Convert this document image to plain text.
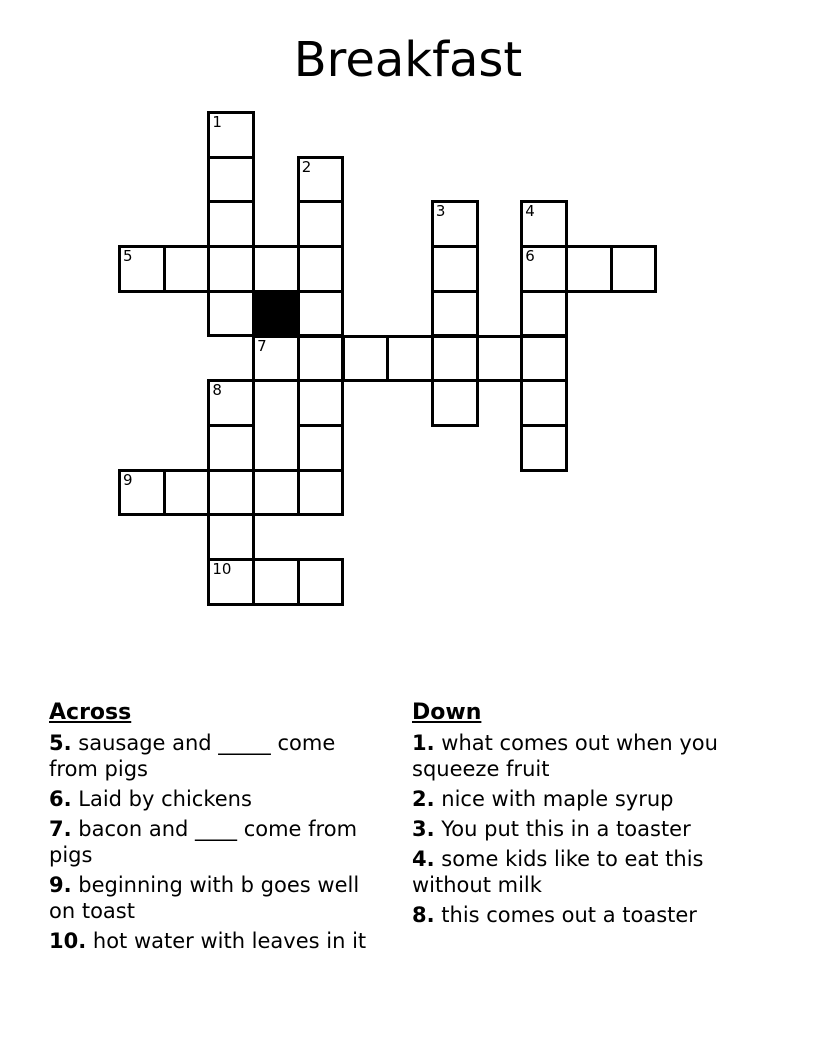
Breakfast
1
2
3	4
5	6
7
8
9
10
Across

5. sausage and _____ come from pigs

6. Laid by chickens

7. bacon and ____ come from pigs

9. beginning with b goes well on toast

10. hot water with leaves in it

Down

1. what comes out when you squeeze fruit

2. nice with maple syrup

3. You put this in a toaster

4. some kids like to eat this without milk

8. this comes out a toaster
